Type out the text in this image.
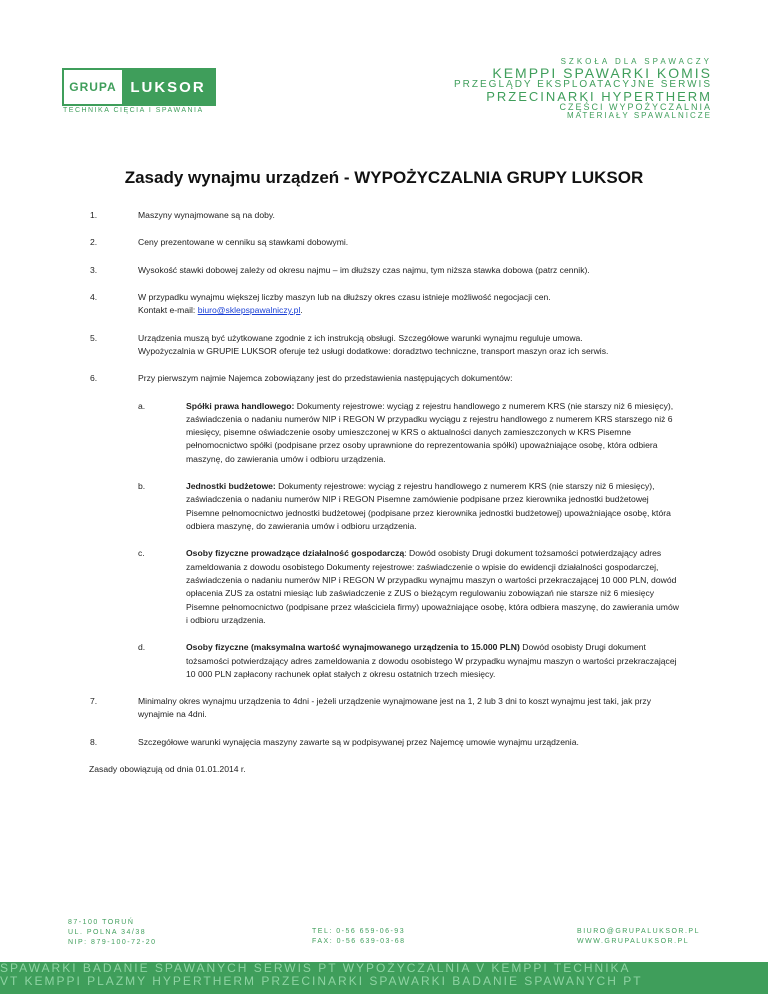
GRUPA LUKSOR
TECHNIKA CIĘCIA I SPAWANIA
SZKOŁA DLA SPAWACZY
KEMPPI SPAWARKI KOMIS
PRZEGLĄDY EKSPLOATACYJNE SERWIS
PRZECINARKI HYPERTHERM
CZĘŚCI WYPOŻYCZALNIA
MATERIAŁY SPAWALNICZE
Zasady wynajmu urządzeń - WYPOŻYCZALNIA GRUPY LUKSOR
1.	Maszyny wynajmowane są na doby.
2.	Ceny prezentowane w cenniku są stawkami dobowymi.
3.	Wysokość stawki dobowej zależy od okresu najmu – im dłuższy czas najmu, tym niższa stawka dobowa (patrz cennik).
4.	W przypadku wynajmu większej liczby maszyn lub na dłuższy okres czasu istnieje możliwość negocjacji cen.
Kontakt e-mail: biuro@sklepspawalniczy.pl.
5.	Urządzenia muszą być użytkowane zgodnie z ich instrukcją obsługi. Szczegółowe warunki wynajmu reguluje umowa.
Wypożyczalnia w GRUPIE LUKSOR oferuje też usługi dodatkowe: doradztwo techniczne, transport maszyn oraz ich serwis.
6.	Przy pierwszym najmie Najemca zobowiązany jest do przedstawienia następujących dokumentów:
a.	Spółki prawa handlowego: Dokumenty rejestrowe: wyciąg z rejestru handlowego z numerem KRS (nie starszy niż 6 miesięcy), zaświadczenia o nadaniu numerów NIP i REGON W przypadku wyciągu z rejestru handlowego z numerem KRS starszego niż 6 miesięcy, pisemne oświadczenie osoby umieszczonej w KRS o aktualności danych zamieszczonych w KRS Pisemne pełnomocnictwo spółki (podpisane przez osoby uprawnione do reprezentowania spółki) upoważniające osobę, która odbiera maszynę, do zawierania umów i odbioru urządzenia.
b.	Jednostki budżetowe: Dokumenty rejestrowe: wyciąg z rejestru handlowego z numerem KRS (nie starszy niż 6 miesięcy), zaświadczenia o nadaniu numerów NIP i REGON Pisemne zamówienie podpisane przez kierownika jednostki budżetowej Pisemne pełnomocnictwo jednostki budżetowej (podpisane przez kierownika jednostki budżetowej) upoważniające osobę, która odbiera maszynę, do zawierania umów i odbioru urządzenia.
c.	Osoby fizyczne prowadzące działalność gospodarczą: Dowód osobisty Drugi dokument tożsamości potwierdzający adres zameldowania z dowodu osobistego Dokumenty rejestrowe: zaświadczenie o wpisie do ewidencji działalności gospodarczej, zaświadczenia o nadaniu numerów NIP i REGON W przypadku wynajmu maszyn o wartości przekraczającej 10 000 PLN, dowód opłacenia ZUS za ostatni miesiąc lub zaświadczenie z ZUS o bieżącym regulowaniu zobowiązań nie starsze niż 6 miesięcy Pisemne pełnomocnictwo (podpisane przez właściciela firmy) upoważniające osobę, która odbiera maszynę, do zawierania umów i odbioru urządzenia.
d.	Osoby fizyczne (maksymalna wartość wynajmowanego urządzenia to 15.000 PLN) Dowód osobisty Drugi dokument tożsamości potwierdzający adres zameldowania z dowodu osobistego W przypadku wynajmu maszyn o wartości przekraczającej 10 000 PLN zapłacony rachunek opłat stałych z okresu ostatnich trzech miesięcy.
7.	Minimalny okres wynajmu urządzenia to 4dni - jeżeli urządzenie wynajmowane jest na 1, 2 lub 3 dni to koszt wynajmu jest taki, jak przy wynajmie na 4dni.
8.	Szczegółowe warunki wynajęcia maszyny zawarte są w podpisywanej przez Najemcę umowie wynajmu urządzenia.
Zasady obowiązują od dnia 01.01.2014 r.
87-100 TORUŃ
UL. POLNA 34/38
NIP: 879-100-72-20
TEL: 0-56 659-06-93
FAX: 0-56 639-03-68
BIURO@GRUPALUKSOR.PL
WWW.GRUPALUKSOR.PL
SPAWARKI BADANIE SPAWANYCH SERWIS PT WYPOŻYCZALNIA V KEMPPI TECHNIKA
VT KEMPPI PLAZMY HYPERTHERM PRZECINARKI SPAWARKI BADANIE SPAWANYCH PT
